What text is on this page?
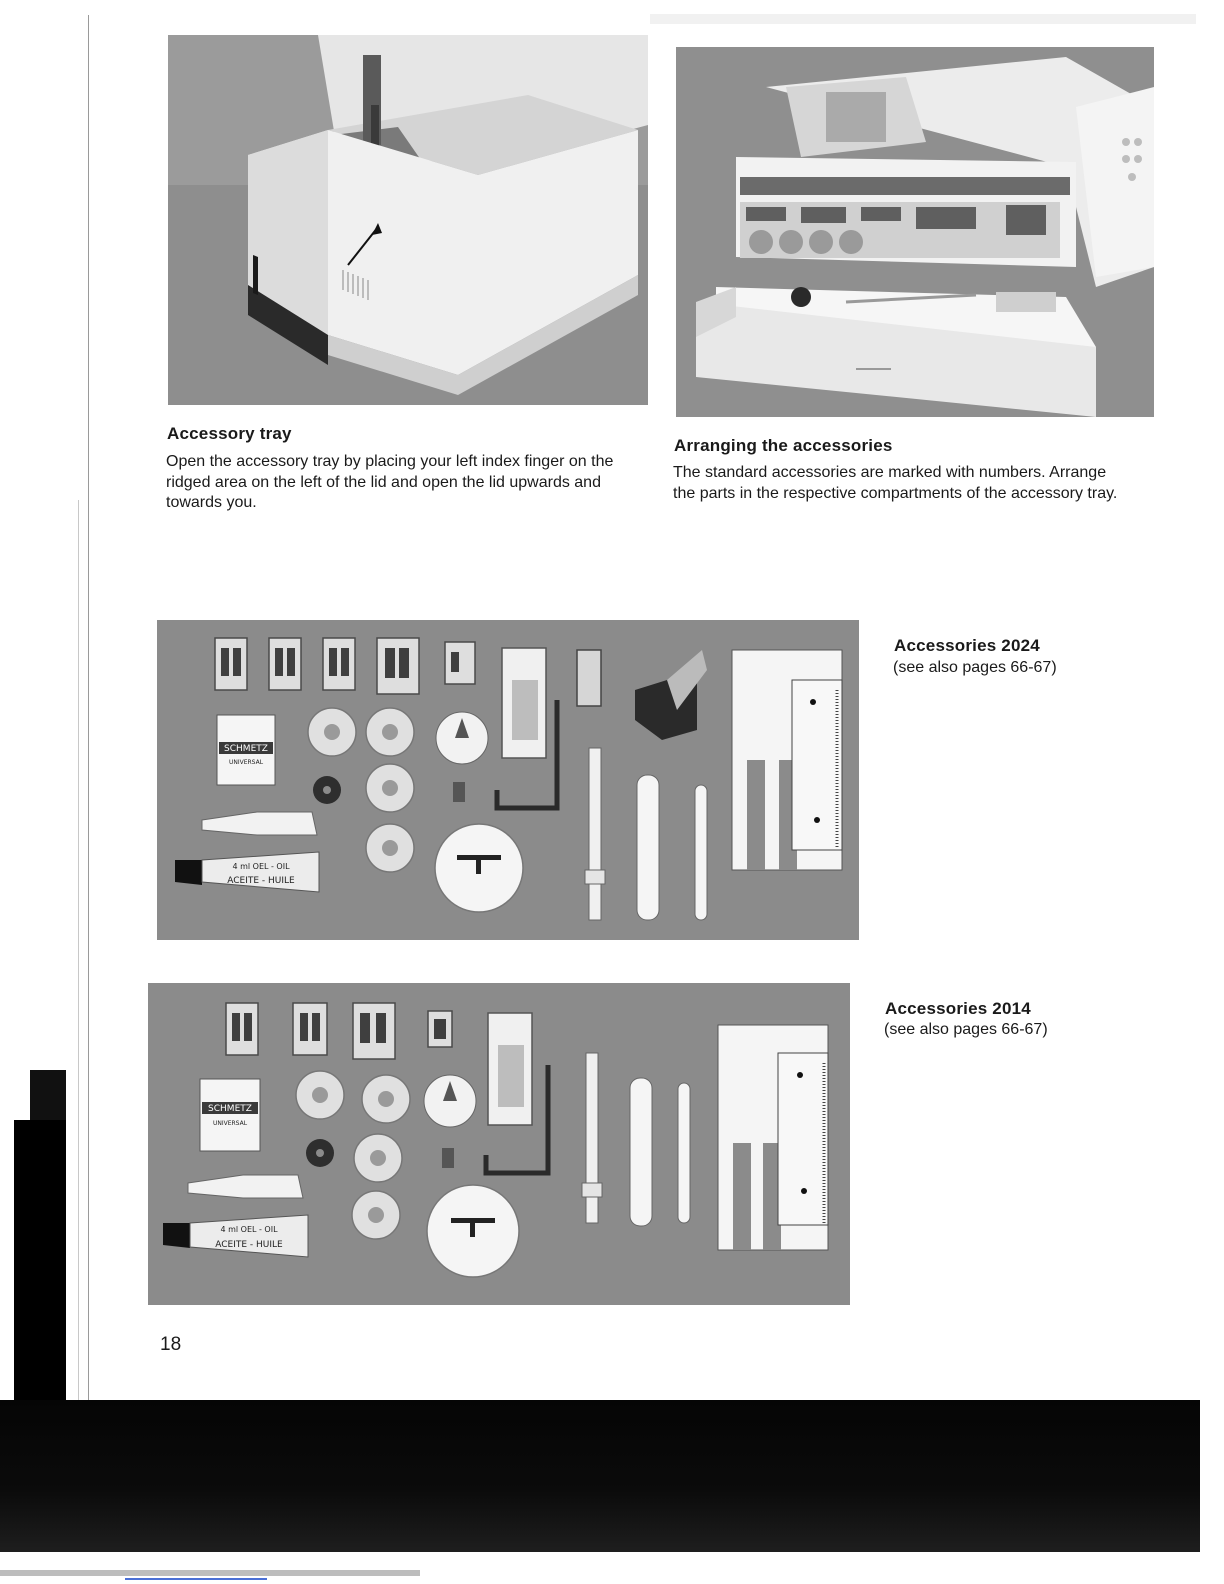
Accessory tray
Open the accessory tray by placing your left index finger on the ridged area on the left of the lid and open the lid upwards and towards you.
Arranging the accessories
The standard accessories are marked with numbers. Arrange the parts in the respective compartments of the accessory tray.
SCHMETZ
UNIVERSAL
4 ml OEL - OIL
ACEITE - HUILE
Accessories 2024
(see also pages 66-67)
SCHMETZ
UNIVERSAL
4 ml OEL - OIL
ACEITE - HUILE
Accessories 2014
(see also pages 66-67)
18
